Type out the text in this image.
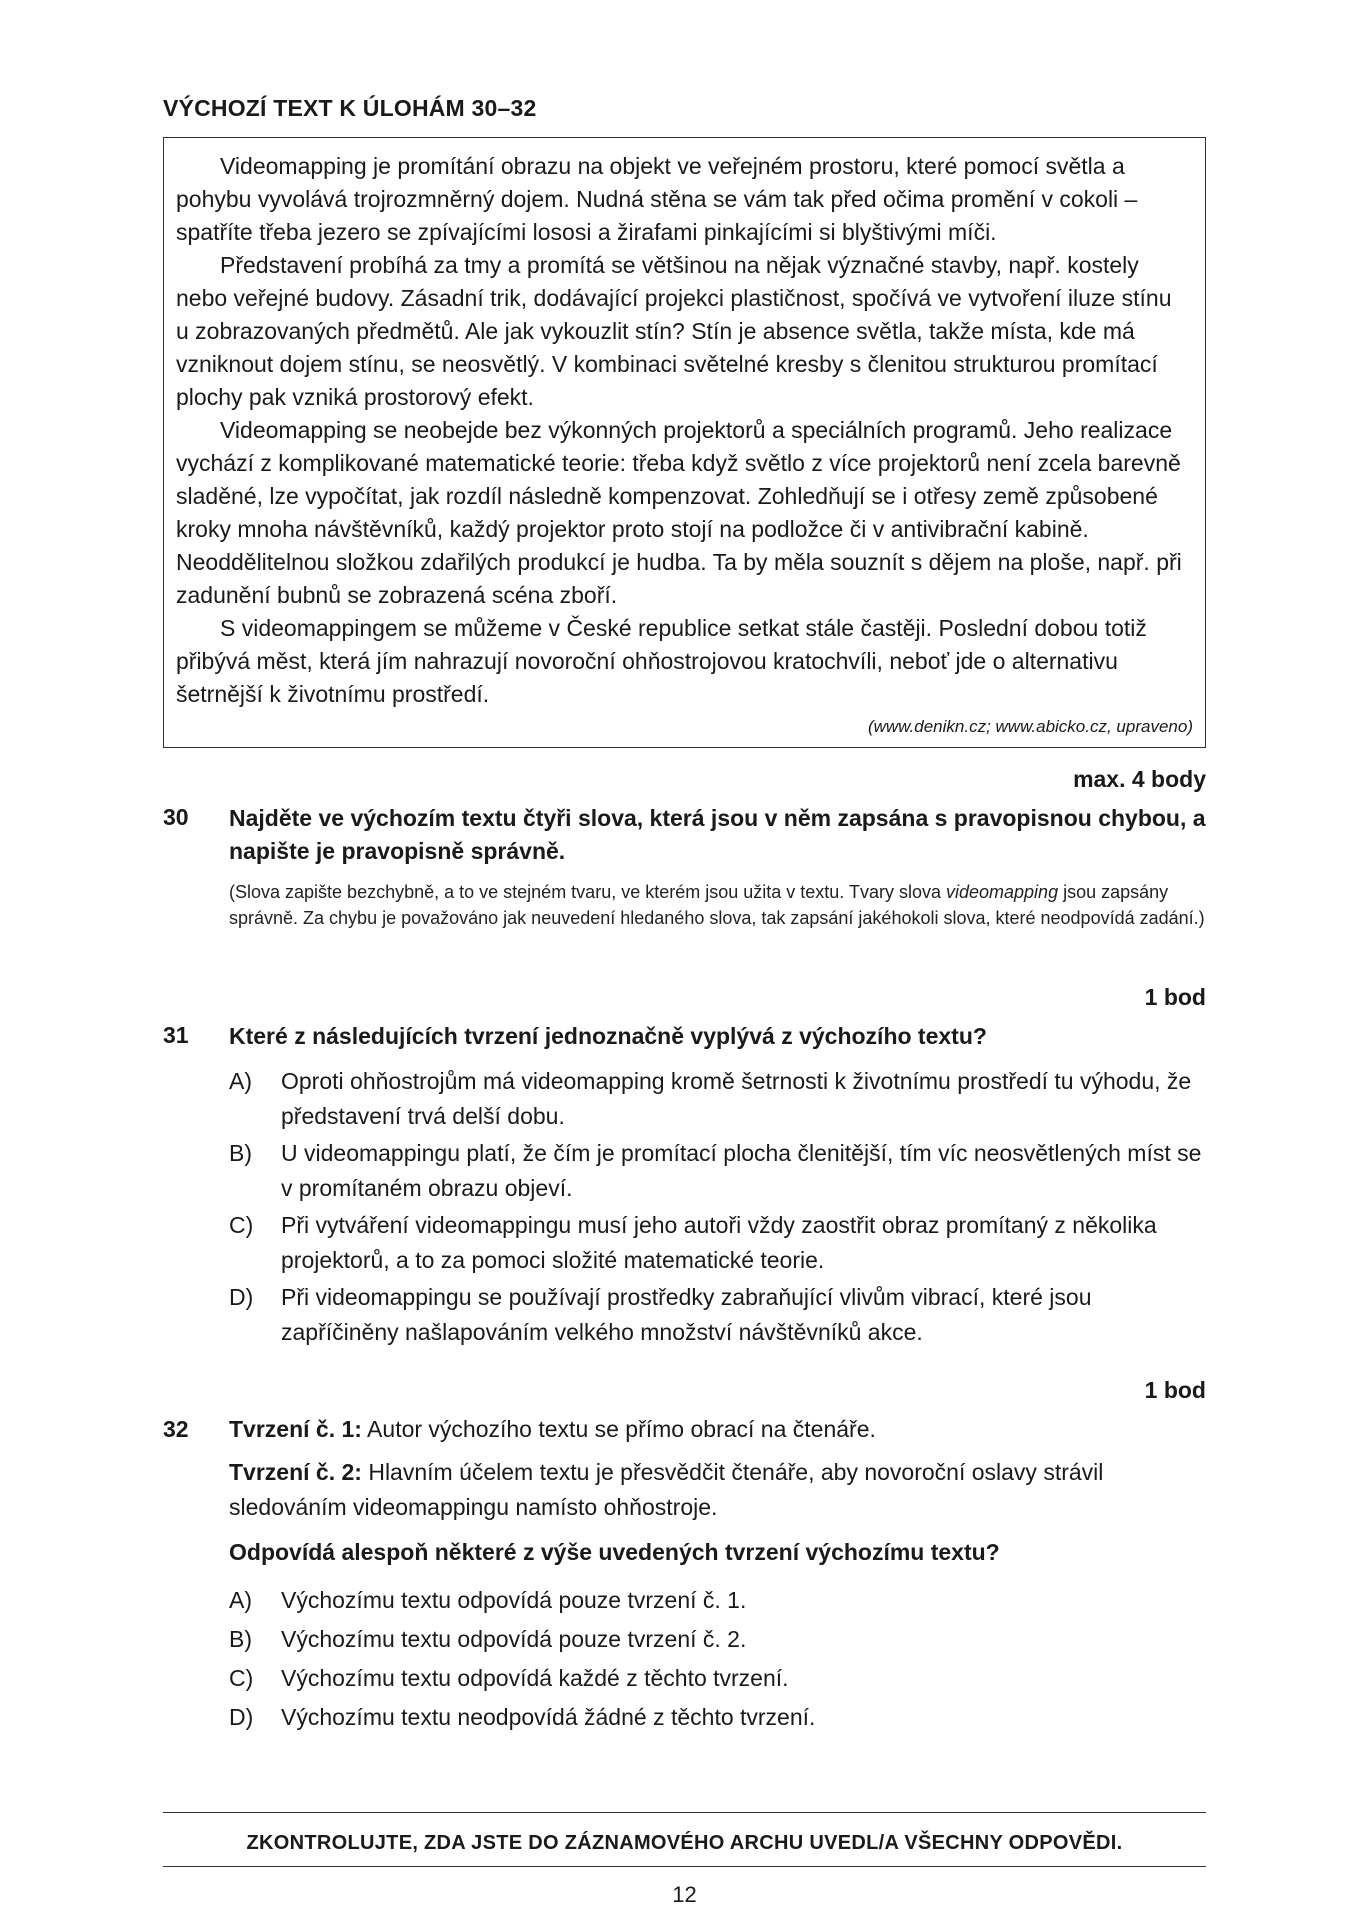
VÝCHOZÍ TEXT K ÚLOHÁM 30–32

Videomapping je promítání obrazu na objekt ve veřejném prostoru, které pomocí světla a pohybu vyvolává trojrozmněrný dojem. Nudná stěna se vám tak před očima promění v cokoli – spatříte třeba jezero se zpívajícími lososi a žirafami pinkajícími si blyštivými míči.

Představení probíhá za tmy a promítá se většinou na nějak význačné stavby, např. kostely nebo veřejné budovy. Zásadní trik, dodávající projekci plastičnost, spočívá ve vytvoření iluze stínu u zobrazovaných předmětů. Ale jak vykouzlit stín? Stín je absence světla, takže místa, kde má vzniknout dojem stínu, se neosvětlý. V kombinaci světelné kresby s členitou strukturou promítací plochy pak vzniká prostorový efekt.

Videomapping se neobejde bez výkonných projektorů a speciálních programů. Jeho realizace vychází z komplikované matematické teorie: třeba když světlo z více projektorů není zcela barevně sladěné, lze vypočítat, jak rozdíl následně kompenzovat. Zohledňují se i otřesy země způsobené kroky mnoha návštěvníků, každý projektor proto stojí na podložce či v antivibrační kabině. Neoddělitelnou složkou zdařilých produkcí je hudba. Ta by měla souznít s dějem na ploše, např. při zadunění bubnů se zobrazená scéna zboří.

S videomappingem se můžeme v České republice setkat stále častěji. Poslední dobou totiž přibývá měst, která jím nahrazují novoroční ohňostrojovou kratochvíli, neboť jde o alternativu šetrnější k životnímu prostředí.

(www.denikn.cz; www.abicko.cz, upraveno)
max. 4 body
30 Najděte ve výchozím textu čtyři slova, která jsou v něm zapsána s pravopisnou chybou, a napište je pravopisně správně.
(Slova zapište bezchybně, a to ve stejném tvaru, ve kterém jsou užita v textu. Tvary slova videomapping jsou zapsány správně. Za chybu je považováno jak neuvedení hledaného slova, tak zapsání jakéhokoli slova, které neodpovídá zadání.)
1 bod
31 Které z následujících tvrzení jednoznačně vyplývá z výchozího textu?
A) Oproti ohňostrojům má videomapping kromě šetrnosti k životnímu prostředí tu výhodu, že představení trvá delší dobu.
B) U videomappingu platí, že čím je promítací plocha členitější, tím víc neosvětlených míst se v promítaném obrazu objeví.
C) Při vytváření videomappingu musí jeho autoři vždy zaostřit obraz promítaný z několika projektorů, a to za pomoci složité matematické teorie.
D) Při videomappingu se používají prostředky zabraňující vlivům vibrací, které jsou zapříčiněny našlapováním velkého množství návštěvníků akce.
1 bod
32 Tvrzení č. 1: Autor výchozího textu se přímo obrací na čtenáře.
Tvrzení č. 2: Hlavním účelem textu je přesvědčit čtenáře, aby novoroční oslavy strávil sledováním videomappingu namísto ohňostroje.
Odpovídá alespoň některé z výše uvedených tvrzení výchozímu textu?
A) Výchozímu textu odpovídá pouze tvrzení č. 1.
B) Výchozímu textu odpovídá pouze tvrzení č. 2.
C) Výchozímu textu odpovídá každé z těchto tvrzení.
D) Výchozímu textu neodpovídá žádné z těchto tvrzení.
ZKONTROLUJTE, ZDA JSTE DO ZÁZNAMOVÉHO ARCHU UVEDL/A VŠECHNY ODPOVĚDI.
12
